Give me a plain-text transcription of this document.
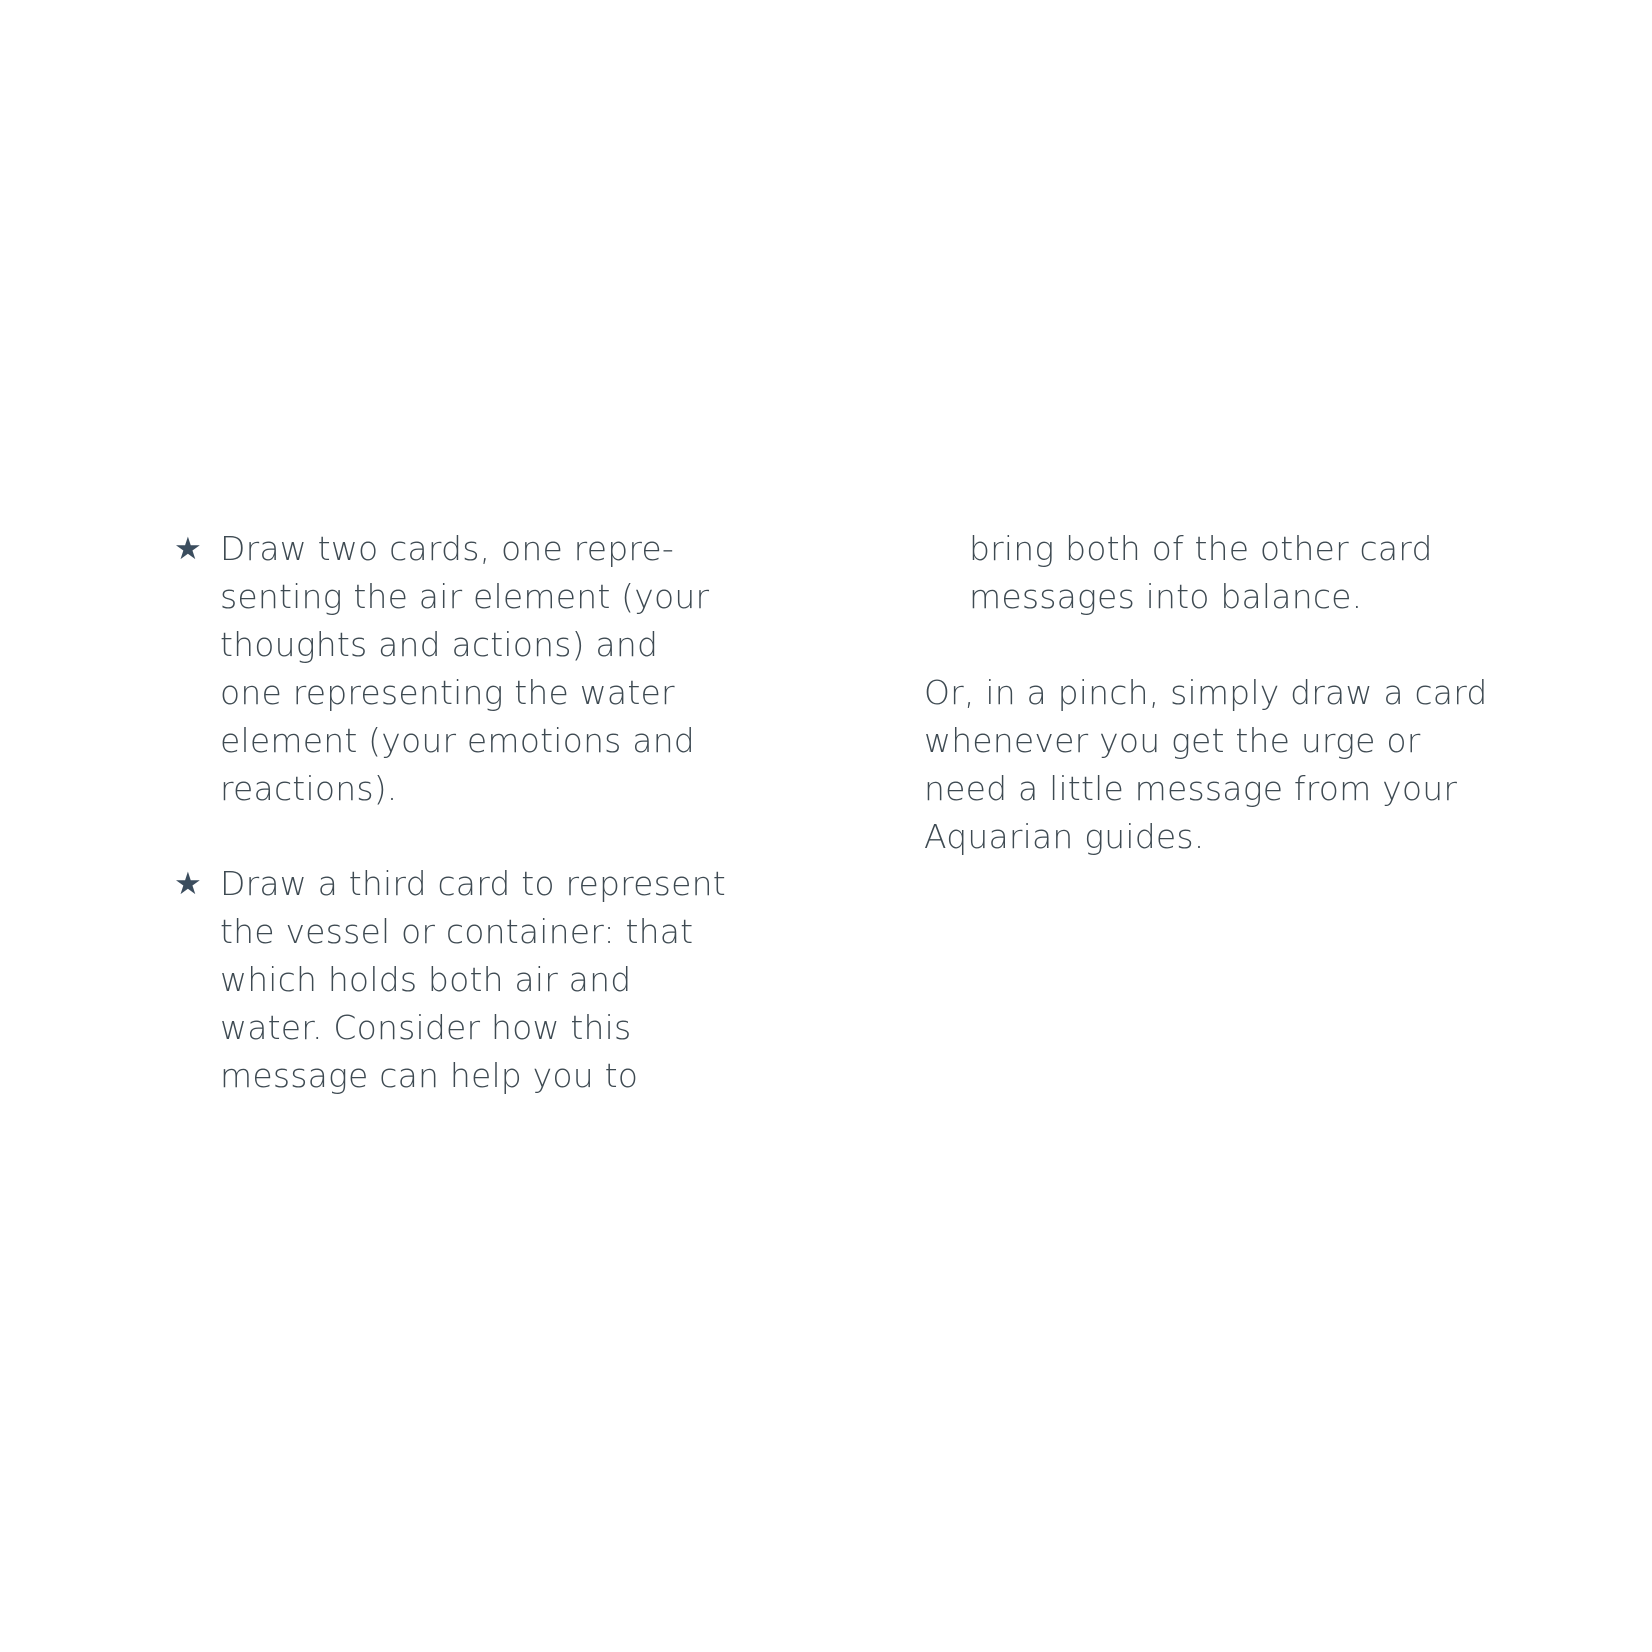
★ Draw two cards, one repre-
senting the air element (your
thoughts and actions) and
one representing the water
element (your emotions and
reactions).
★ Draw a third card to represent
the vessel or container: that
which holds both air and
water. Consider how this
message can help you to
bring both of the other card
messages into balance.
Or, in a pinch, simply draw a card
whenever you get the urge or
need a little message from your
Aquarian guides.
